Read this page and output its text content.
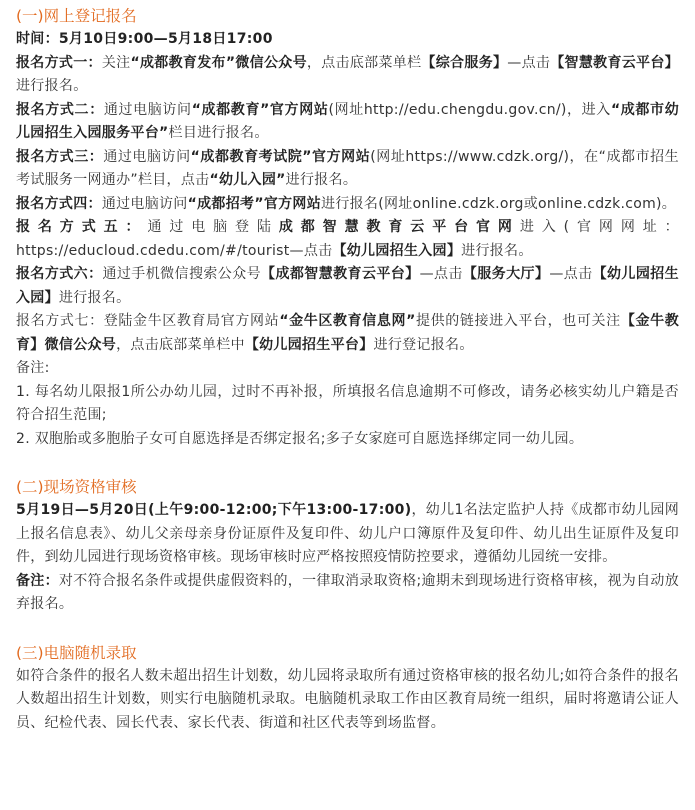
(一)网上登记报名

时间：5月10日9:00—5月18日17:00

报名方式一：关注“成都教育发布”微信公众号，点击底部菜单栏【综合服务】—点击【智慧教育云平台】进行报名。

报名方式二：通过电脑访问“成都教育”官方网站(网址http://edu.chengdu.gov.cn/)，进入“成都市幼儿园招生入园服务平台”栏目进行报名。

报名方式三：通过电脑访问“成都教育考试院”官方网站(网址https://www.cdzk.org/)，在“成都市招生考试服务一网通办”栏目，点击“幼儿入园”进行报名。

报名方式四：通过电脑访问“成都招考”官方网站进行报名(网址online.cdzk.org或online.cdzk.com)。

报名方式五：通过电脑登陆成都智慧教育云平台官网进入(官网网址：https://educloud.cdedu.com/#/tourist—点击【幼儿园招生入园】进行报名。

报名方式六：通过手机微信搜索公众号【成都智慧教育云平台】—点击【服务大厅】—点击【幼儿园招生入园】进行报名。

报名方式七：登陆金牛区教育局官方网站“金牛区教育信息网”提供的链接进入平台，也可关注【金牛教育】微信公众号，点击底部菜单栏中【幼儿园招生平台】进行登记报名。

备注:

1. 每名幼儿限报1所公办幼儿园，过时不再补报，所填报名信息逾期不可修改，请务必核实幼儿户籍是否符合招生范围;

2. 双胞胎或多胞胎子女可自愿选择是否绑定报名;多子女家庭可自愿选择绑定同一幼儿园。

(二)现场资格审核

5月19日—5月20日(上午9:00-12:00;下午13:00-17:00)，幼儿1名法定监护人持《成都市幼儿园网上报名信息表》、幼儿父亲母亲身份证原件及复印件、幼儿户口簿原件及复印件、幼儿出生证原件及复印件，到幼儿园进行现场资格审核。现场审核时应严格按照疫情防控要求，遵循幼儿园统一安排。

备注：对不符合报名条件或提供虚假资料的，一律取消录取资格;逾期未到现场进行资格审核，视为自动放弃报名。

(三)电脑随机录取

如符合条件的报名人数未超出招生计划数，幼儿园将录取所有通过资格审核的报名幼儿;如符合条件的报名人数超出招生计划数，则实行电脑随机录取。电脑随机录取工作由区教育局统一组织，届时将邀请公证人员、纪检代表、园长代表、家长代表、街道和社区代表等到场监督。
